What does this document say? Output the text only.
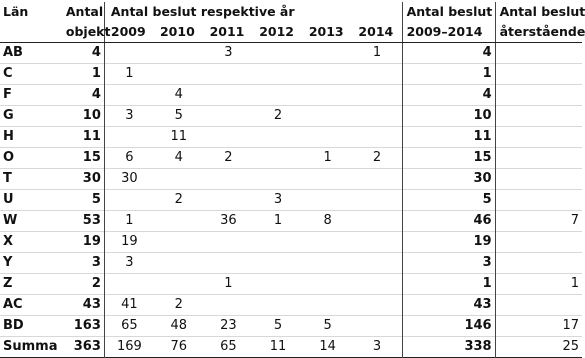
Län	Antal	Antal beslut respektive år						Antal beslut	Antal beslut
	objekt	2009	2010	2011	2012	2013	2014	2009–2014	återstående
AB	4			3			1	4	
C	1	1						1	
F	4		4					4	
G	10	3	5		2			10	
H	11		11					11	
O	15	6	4	2		1	2	15	
T	30	30						30	
U	5		2		3			5	
W	53	1		36	1	8		46	7
X	19	19						19	
Y	3	3						3	
Z	2			1				1	1
AC	43	41	2					43	
BD	163	65	48	23	5	5		146	17
Summa	363	169	76	65	11	14	3	338	25
